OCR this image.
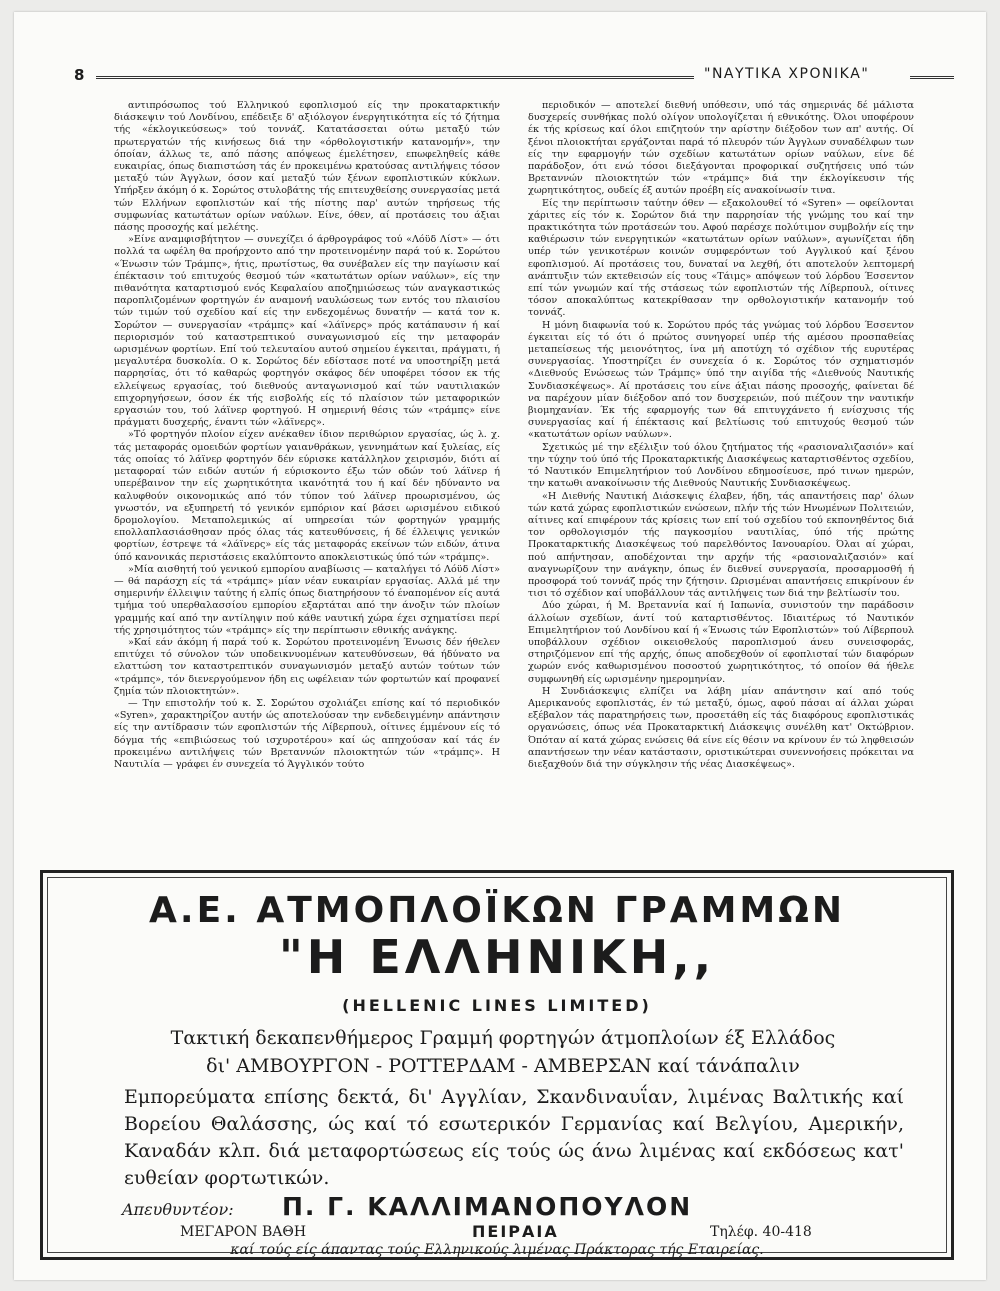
8	"ΝΑΥΤΙΚΑ ΧΡΟΝΙΚΑ"

αντιπρόσωπος τού Ελληνικού εφοπλισμού είς την προκαταρκτικήν διάσκεψιν τού Λονδίνου, επέδειξε δ' αξιόλογον ένεργητικότητα είς τό ζήτημα τής «έκλογικεύσεως» τού τοννάζ. Κατατάσσεται ούτω μεταξύ τών πρωτεργατών τής κινήσεως διά την «όρθολογιστικήν κατανομήν», την όποίαν, άλλως τε, από πάσης απόψεως έμελέτησεν, επωφεληθείς κάθε ευκαιρίας, όπως διαπιστώση τάς έν προκειμένω κρατούσας αντιλήψεις τόσον μεταξύ τών Άγγλων, όσον καί μεταξύ τών ξένων εφοπλιστικών κύκλων. Υπήρξεν άκόμη ό κ. Σορώτος στυλοβάτης τής επιτευχθείσης συνεργασίας μετά τών Ελλήνων εφοπλιστών καί τής πίστης παρ' αυτών τηρήσεως τής συμφωνίας κατωτάτων ορίων ναύλων. Είνε, όθεν, αί προτάσεις του άξιαι πάσης προσοχής καί μελέτης.

»Είνε αναμφισβήτητον — συνεχίζει ό άρθρογράφος τού «Λόϋδ Λίστ» — ότι πολλά τα ωφέλη θα προήρχοντο από την προτεινομένην παρά τού κ. Σορώτου «Ένωσιν τών Τράμπς», ήτις, πρωτίστως, θα συνέβαλεν είς την παγίωσιν καί έπέκτασιν τού επιτυχούς θεσμού τών «κατωτάτων ορίων ναύλων», είς την πιθανότητα καταρτισμού ενός Κεφαλαίου αποζημιώσεως τών αναγκαστικώς παροπλιζομένων φορτηγών έν αναμονή ναυλώσεως των εντός του πλαισίου τών τιμών τού σχεδίου καί είς την ενδεχομένως δυνατήν — κατά τον κ. Σορώτον — συνεργασίαν «τράμπς» καί «λάϊνερς» πρός κατάπαυσιν ή καί περιορισμόν τού καταστρεπτικού συναγωνισμού είς την μεταφοράν ωρισμένων φορτίων. Επί τού τελευταίου αυτού σημείου έγκειται, πράγματι, ή μεγαλυτέρα δυσκολία. Ο κ. Σορώτος δέν εδίστασε ποτέ να υποστηρίξη μετά παρρησίας, ότι τό καθαρώς φορτηγόν σκάφος δέν υποφέρει τόσον εκ τής ελλείψεως εργασίας, τού διεθνούς ανταγωνισμού καί τών ναυτιλιακών επιχορηγήσεων, όσον έκ τής εισβολής είς τό πλαίσιον τών μεταφορικών εργασιών του, τού λάϊνερ φορτηγού. Η σημερινή θέσις τών «τράμπς» είνε πράγματι δυσχερής, έναντι τών «λάϊνερς».

»Τό φορτηγόν πλοίον είχεν ανέκαθεν ίδιον περιθώριον εργασίας, ώς λ. χ. τάς μεταφοράς ομοειδών φορτίων γαιανθράκων, γεννημάτων καί ξυλείας, είς τάς οποίας τό λάϊνερ φορτηγόν δέν εύρισκε κατάλληλον χειρισμόν, διότι αί μεταφοραί τών ειδών αυτών ή εύρισκοντο έξω τών οδών τού λάϊνερ ή υπερέβαινον την είς χωρητικότητα ικανότητά του ή καί δέν ηδύναντο να καλυφθούν οικονομικώς από τόν τύπον τού λάϊνερ προωρισμένου, ώς γνωστόν, να εξυπηρετή τό γενικόν εμπόριον καί βάσει ωρισμένου ειδικού δρομολογίου. Μεταπολεμικώς αί υπηρεσίαι τών φορτηγών γραμμής επολλαπλασιάσθησαν πρός όλας τάς κατευθύνσεις, ή δέ έλλειψις γενικών φορτίων, έστρεψε τά «λάϊνερς» είς τάς μεταφοράς εκείνων τών ειδών, άτινα ύπό κανονικάς περιστάσεις εκαλύπτοντο αποκλειστικώς ύπό τών «τράμπς».

»Μία αισθητή τού γενικού εμπορίου αναβίωσις — καταλήγει τό Λόϋδ Λίστ» — θά παράσχη είς τά «τράμπς» μίαν νέαν ευκαιρίαν εργασίας. Αλλά μέ την σημερινήν έλλειψιν ταύτης ή ελπίς όπως διατηρήσουν τό έναπομένον είς αυτά τμήμα τού υπερθαλασσίου εμπορίου εξαρτάται από την άνοξιν τών πλοίων γραμμής καί από την αντίληψιν πού κάθε ναυτική χώρα έχει σχηματίσει περί τής χρησιμότητος τών «τράμπς» είς την περίπτωσιν εθνικής ανάγκης.

»Καί εάν άκόμη ή παρά τού κ. Σορώτου προτεινομένη Ένωσις δέν ήθελεν επιτύχει τό σύνολον τών υποδεικνυομένων κατευθύνσεων, θά ήδύνατο να ελαττώση τον καταστρεπτικόν συναγωνισμόν μεταξύ αυτών τούτων τών «τράμπς», τόν διενεργούμενον ήδη εις ωφέλειαν τών φορτωτών καί προφανεί ζημία τών πλοιοκτητών».

— Την επιστολήν τού κ. Σ. Σορώτου σχολιάζει επίσης καί τό περιοδικόν «Syren», χαρακτηρίζον αυτήν ώς αποτελούσαν την ενδεδειγμένην απάντησιν είς την αντίδρασιν τών εφοπλιστών τής Λίβερπουλ, οίτινες έμμένουν είς τό δόγμα τής «επιβιώσεως τού ισχυροτέρου» καί ώς απηχούσαν καί τάς έν προκειμένω αντιλήψεις τών Βρεταννών πλοιοκτητών τών «τράμπς». Η Ναυτιλία — γράφει έν συνεχεία τό Άγγλικόν τούτο

περιοδικόν — αποτελεί διεθνή υπόθεσιν, υπό τάς σημερινάς δέ μάλιστα δυσχερείς συνθήκας πολύ ολίγον υπολογίζεται ή εθνικότης. Όλοι υποφέρουν έκ τής κρίσεως καί όλοι επιζητούν την αρίστην διέξοδον των απ' αυτής. Οί ξένοι πλοιοκτήται εργάζονται παρά τό πλευρόν τών Άγγλων συναδέλφων των είς την εφαρμογήν τών σχεδίων κατωτάτων ορίων ναύλων, είνε δέ παράδοξον, ότι ενώ τόσοι διεξάγονται προφορικαί συζητήσεις υπό τών Βρεταννών πλοιοκτητών τών «τράμπς» διά την έκλογίκευσιν τής χωρητικότητος, ουδείς έξ αυτών προέβη είς ανακοίνωσίν τινα.

Είς την περίπτωσιν ταύτην όθεν — εξακολουθεί τό «Syren» — οφείλονται χάριτες είς τόν κ. Σορώτον διά την παρρησίαν τής γνώμης του καί την πρακτικότητα τών προτάσεών του. Αφού παρέσχε πολύτιμον συμβολήν είς την καθιέρωσιν τών ενεργητικών «κατωτάτων ορίων ναύλων», αγωνίζεται ήδη υπέρ τών γενικοτέρων κοινών συμφερόντων τού Αγγλικού καί ξένου εφοπλισμού. Αί προτάσεις του, δυναταί να λεχθή, ότι αποτελούν λεπτομερή ανάπτυξιν τών εκτεθεισών είς τους «Τάιμς» απόψεων τού λόρδου Έσσεντον επί τών γνωμών καί τής στάσεως τών εφοπλιστών τής Λίβερπουλ, οίτινες τόσον αποκαλύπτως κατεκρίθασαν την ορθολογιστικήν κατανομήν τού τοννάζ.

Η μόνη διαφωνία τού κ. Σορώτου πρός τάς γνώμας τού λόρδου Έσσεντον έγκειται είς τό ότι ό πρώτος συνηγορεί υπέρ τής αμέσου προσπαθείας μεταπείσεως τής μειονότητος, ίνα μή αποτύχη τό σχέδιον τής ευρυτέρας συνεργασίας. Υποστηρίζει έν συνεχεία ό κ. Σορώτος τόν σχηματισμόν «Διεθνούς Ενώσεως τών Τράμπς» ύπό την αιγίδα τής «Διεθνούς Ναυτικής Συνδιασκέψεως». Αί προτάσεις του είνε άξιαι πάσης προσοχής, φαίνεται δέ να παρέχουν μίαν διέξοδον από τον δυσχερειών, πού πιέζουν την ναυτικήν βιομηχανίαν. Έκ τής εφαρμογής των θά επιτυγχάνετο ή ενίσχυσις τής συνεργασίας καί ή έπέκτασις καί βελτίωσις τού επιτυχούς θεσμού τών «κατωτάτων ορίων ναύλων».

Σχετικώς μέ την εξέλιξιν τού όλου ζητήματος τής «ρασιοναλιζασιόν» καί την τύχην τού ύπό τής Προκαταρκτικής Διασκέψεως καταρτισθέντος σχεδίου, τό Ναυτικόν Επιμελητήριον τού Λονδίνου εδημοσίευσε, πρό τινων ημερών, την κατωθι ανακοίνωσιν τής Διεθνούς Ναυτικής Συνδιασκέψεως.

«Η Διεθνής Ναυτική Διάσκεψις έλαβεν, ήδη, τάς απαντήσεις παρ' όλων τών κατά χώρας εφοπλιστικών ενώσεων, πλήν τής τών Ηνωμένων Πολιτειών, αίτινες καί επιφέρουν τάς κρίσεις των επί τού σχεδίου τού εκπονηθέντος διά τον ορθολογισμόν τής παγκοσμίου ναυτιλίας, ύπό τής πρώτης Προκαταρκτικής Διασκέψεως τού παρελθόντος Ιανουαρίου. Όλαι αί χώραι, πού απήντησαν, αποδέχονται την αρχήν τής «ρασιοναλιζασιόν» καί αναγνωρίζουν την ανάγκην, όπως έν διεθνεί συνεργασία, προσαρμοσθή ή προσφορά τού τοννάζ πρός την ζήτησιν. Ωρισμέναι απαντήσεις επικρίνουν έν τισι τό σχέδιον καί υποβάλλουν τάς αντιλήψεις των διά την βελτίωσίν του.

Δύο χώραι, ή Μ. Βρεταννία καί ή Ιαπωνία, συνιστούν την παράδοσιν άλλοίων σχεδίων, άντί τού καταρτισθέντος. Ιδιαιτέρως τό Ναυτικόν Επιμελητήριον τού Λονδίνου καί ή «Ένωσις τών Εφοπλιστών» τού Λίβερπουλ υποβάλλουν σχέδιον οικειοθελούς παροπλισμού άνευ συνεισφοράς, στηριζόμενον επί τής αρχής, όπως αποδεχθούν οί εφοπλισταί τών διαφόρων χωρών ενός καθωρισμένου ποσοστού χωρητικότητος, τό οποίον θά ήθελε συμφωνηθή είς ωρισμένην ημερομηνίαν.

Η Συνδιάσκεψις ελπίζει να λάβη μίαν απάντησιν καί από τούς Αμερικανούς εφοπλιστάς, έν τώ μεταξύ, όμως, αφού πάσαι αί άλλαι χώραι εξέβαλον τάς παρατηρήσεις των, προσετάθη είς τάς διαφόρους εφοπλιστικάς οργανώσεις, όπως νέα Προκαταρκτική Διάσκεψις συνέλθη κατ' Οκτώβριον. Όπόταν αί κατά χώρας ενώσεις θά είνε είς θέσιν να κρίνουν έν τώ ληφθεισών απαντήσεων την νέαν κατάστασιν, οριστικώτεραι συνεννοήσεις πρόκειται να διεξαχθούν διά την σύγκλησιν τής νέας Διασκέψεως».

Α.Ε. ΑΤΜΟΠΛΟΪΚΩΝ ΓΡΑΜΜΩΝ
"Η ΕΛΛΗΝΙΚΗ,,
(HELLENIC LINES LIMITED)
Τακτική δεκαπενθήμερος Γραμμή φορτηγών άτμοπλοίων έξ Ελλάδος
δι' ΑΜΒΟΥΡΓΟΝ - ΡΟΤΤΕΡΔΑΜ - ΑΜΒΕΡΣΑΝ καί τάνάπαλιν
Εμπορεύματα επίσης δεκτά, δι' Αγγλίαν, Σκανδιναυΐαν, λιμένας Βαλτικής καί Βορείου Θαλάσσης, ώς καί τό εσωτερικόν Γερμανίας καί Βελγίου, Αμερικήν, Καναδάν κλπ. διά μεταφορτώσεως είς τούς ώς άνω λιμένας καί εκδόσεως κατ' ευθείαν φορτωτικών.
Απευθυντέον: Π. Γ. ΚΑΛΛΙΜΑΝΟΠΟΥΛΟΝ
ΜΕΓΑΡΟΝ ΒΑΘΗ	ΠΕΙΡΑΙΑ	Τηλέφ. 40-418
καί τούς είς άπαντας τούς Ελληνικούς λιμένας Πράκτορας τής Εταιρείας.
